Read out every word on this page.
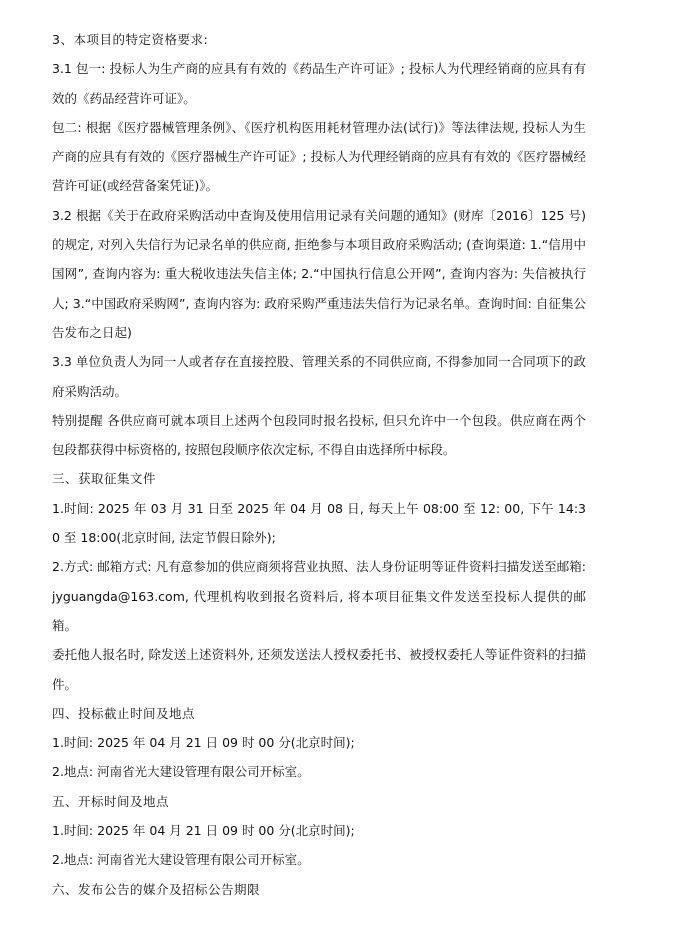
3、本项目的特定资格要求:

3.1 包一: 投标人为生产商的应具有有效的《药品生产许可证》; 投标人为代理经销商的应具有有效的《药品经营许可证》。

包二: 根据《医疗器械管理条例》、《医疗机构医用耗材管理办法(试行)》等法律法规, 投标人为生产商的应具有有效的《医疗器械生产许可证》; 投标人为代理经销商的应具有有效的《医疗器械经营许可证(或经营备案凭证)》。

3.2 根据《关于在政府采购活动中查询及使用信用记录有关问题的通知》(财库〔2016〕125 号) 的规定, 对列入失信行为记录名单的供应商, 拒绝参与本项目政府采购活动; (查询渠道: 1.“信用中国网”, 查询内容为: 重大税收违法失信主体; 2.“中国执行信息公开网”, 查询内容为: 失信被执行人; 3.“中国政府采购网”, 查询内容为: 政府采购严重违法失信行为记录名单。查询时间: 自征集公告发布之日起)

3.3 单位负责人为同一人或者存在直接控股、管理关系的不同供应商, 不得参加同一合同项下的政府采购活动。

特别提醒 各供应商可就本项目上述两个包段同时报名投标, 但只允许中一个包段。供应商在两个包段都获得中标资格的, 按照包段顺序依次定标, 不得自由选择所中标段。

三、获取征集文件

1.时间: 2025 年 03 月 31 日至 2025 年 04 月 08 日, 每天上午 08:00 至 12: 00, 下午 14:30 至 18:00(北京时间, 法定节假日除外);

2.方式: 邮箱方式: 凡有意参加的供应商须将营业执照、法人身份证明等证件资料扫描发送至邮箱: jyguangda@163.com, 代理机构收到报名资料后, 将本项目征集文件发送至投标人提供的邮箱。

委托他人报名时, 除发送上述资料外, 还须发送法人授权委托书、被授权委托人等证件资料的扫描件。

四、投标截止时间及地点

1.时间: 2025 年 04 月 21 日 09 时 00 分(北京时间);

2.地点: 河南省光大建设管理有限公司开标室。

五、开标时间及地点

1.时间: 2025 年 04 月 21 日 09 时 00 分(北京时间);

2.地点: 河南省光大建设管理有限公司开标室。

六、发布公告的媒介及招标公告期限
